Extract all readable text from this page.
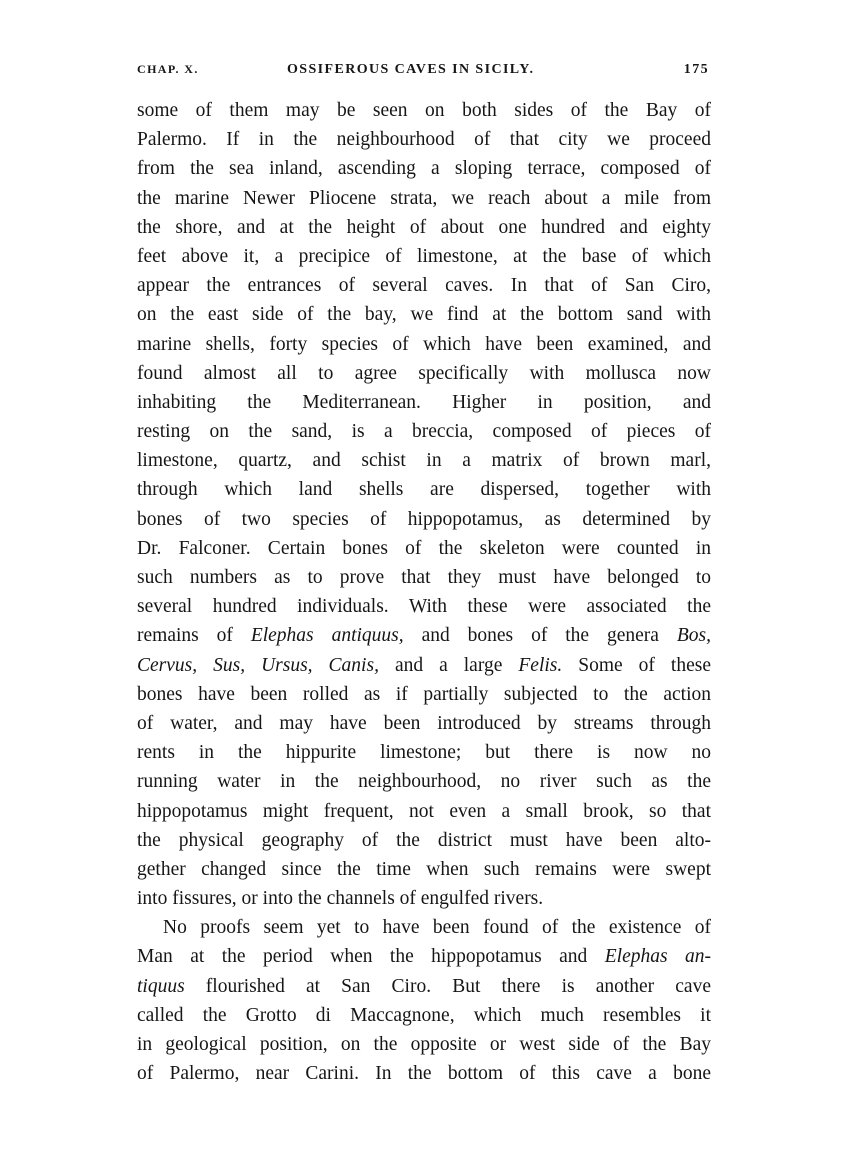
CHAP. X.	OSSIFEROUS CAVES IN SICILY.	175
some of them may be seen on both sides of the Bay of
Palermo. If in the neighbourhood of that city we proceed
from the sea inland, ascending a sloping terrace, composed of
the marine Newer Pliocene strata, we reach about a mile from
the shore, and at the height of about one hundred and eighty
feet above it, a precipice of limestone, at the base of which
appear the entrances of several caves. In that of San Ciro,
on the east side of the bay, we find at the bottom sand with
marine shells, forty species of which have been examined, and
found almost all to agree specifically with mollusca now
inhabiting the Mediterranean. Higher in position, and
resting on the sand, is a breccia, composed of pieces of
limestone, quartz, and schist in a matrix of brown marl,
through which land shells are dispersed, together with
bones of two species of hippopotamus, as determined by
Dr. Falconer. Certain bones of the skeleton were counted in
such numbers as to prove that they must have belonged to
several hundred individuals. With these were associated the
remains of Elephas antiquus, and bones of the genera Bos,
Cervus, Sus, Ursus, Canis, and a large Felis. Some of these
bones have been rolled as if partially subjected to the action
of water, and may have been introduced by streams through
rents in the hippurite limestone; but there is now no
running water in the neighbourhood, no river such as the
hippopotamus might frequent, not even a small brook, so that
the physical geography of the district must have been alto-
gether changed since the time when such remains were swept
into fissures, or into the channels of engulfed rivers.
No proofs seem yet to have been found of the existence of
Man at the period when the hippopotamus and Elephas an-
tiquus flourished at San Ciro. But there is another cave
called the Grotto di Maccagnone, which much resembles it
in geological position, on the opposite or west side of the Bay
of Palermo, near Carini. In the bottom of this cave a bone
